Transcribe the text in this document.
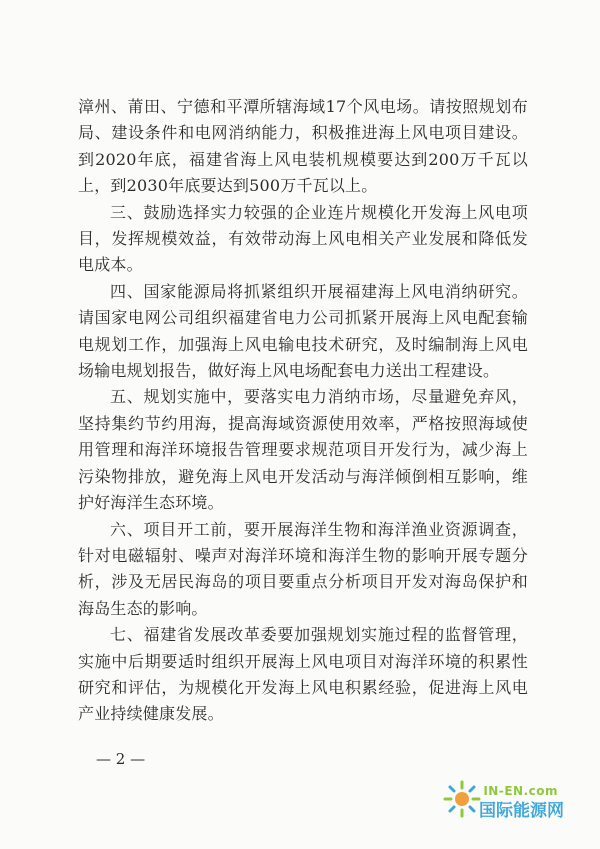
漳州、莆田、宁德和平潭所辖海域17个风电场。请按照规划布局、建设条件和电网消纳能力，积极推进海上风电项目建设。到2020年底，福建省海上风电装机规模要达到200万千瓦以上，到2030年底要达到500万千瓦以上。

三、鼓励选择实力较强的企业连片规模化开发海上风电项目，发挥规模效益，有效带动海上风电相关产业发展和降低发电成本。

四、国家能源局将抓紧组织开展福建海上风电消纳研究。请国家电网公司组织福建省电力公司抓紧开展海上风电配套输电规划工作，加强海上风电输电技术研究，及时编制海上风电场输电规划报告，做好海上风电场配套电力送出工程建设。

五、规划实施中，要落实电力消纳市场，尽量避免弃风，坚持集约节约用海，提高海域资源使用效率，严格按照海域使用管理和海洋环境报告管理要求规范项目开发行为，减少海上污染物排放，避免海上风电开发活动与海洋倾倒相互影响，维护好海洋生态环境。

六、项目开工前，要开展海洋生物和海洋渔业资源调查，针对电磁辐射、噪声对海洋环境和海洋生物的影响开展专题分析，涉及无居民海岛的项目要重点分析项目开发对海岛保护和海岛生态的影响。

七、福建省发展改革委要加强规划实施过程的监督管理，实施中后期要适时组织开展海上风电项目对海洋环境的积累性研究和评估，为规模化开发海上风电积累经验，促进海上风电产业持续健康发展。

— 2 —
IN-EN.com
国际能源网
